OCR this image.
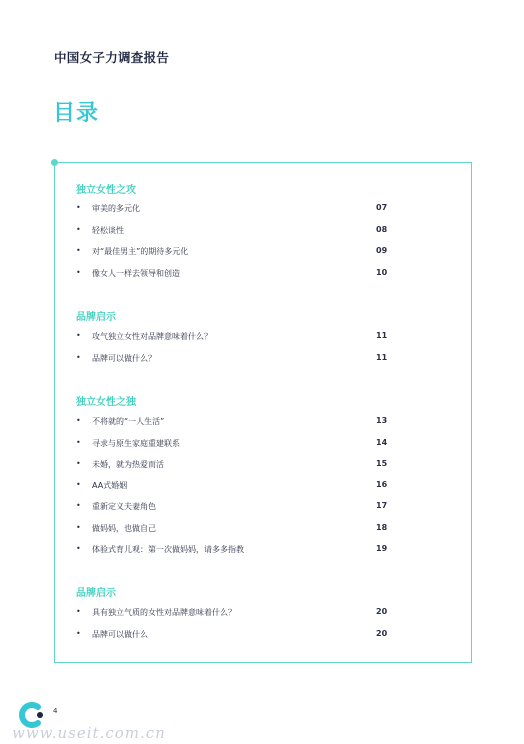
中国女子力调查报告
目录
独立女性之攻
• 审美的多元化	07
• 轻松谈性	08
• 对“最佳男主”的期待多元化	09
• 像女人一样去领导和创造	10
品牌启示
• 攻气独立女性对品牌意味着什么？	11
• 品牌可以做什么？	11
独立女性之独
• 不将就的“一人生活”	13
• 寻求与原生家庭重建联系	14
• 未婚，就为热爱而活	15
• AA式婚姻	16
• 重新定义夫妻角色	17
• 做妈妈，也做自己	18
• 体验式育儿观：第一次做妈妈，请多多指教	19
品牌启示
• 具有独立气质的女性对品牌意味着什么？	20
• 品牌可以做什么	20
4
www.useit.com.cn
